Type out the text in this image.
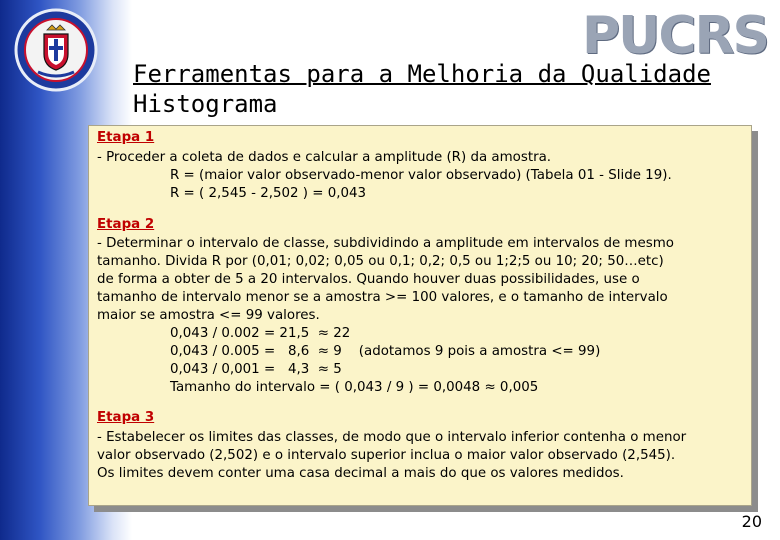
PUCRS
Ferramentas para a Melhoria da Qualidade
Histograma
Etapa 1
- Proceder a coleta de dados e calcular a amplitude (R) da amostra.
R = (maior valor observado-menor valor observado) (Tabela 01 - Slide 19).
R = ( 2,545 - 2,502 ) = 0,043
Etapa 2
- Determinar o intervalo de classe, subdividindo a amplitude em intervalos de mesmo
tamanho. Divida R por (0,01; 0,02; 0,05 ou 0,1; 0,2; 0,5 ou 1;2;5 ou 10; 20; 50…etc)
de forma a obter de 5 a 20 intervalos. Quando houver duas possibilidades, use o
tamanho de intervalo menor se a amostra >= 100 valores, e o tamanho de intervalo
maior se amostra <= 99 valores.
0,043 / 0.002 = 21,5  ≈ 22
0,043 / 0.005 =   8,6  ≈ 9    (adotamos 9 pois a amostra <= 99)
0,043 / 0,001 =   4,3  ≈ 5
Tamanho do intervalo = ( 0,043 / 9 ) = 0,0048 ≈ 0,005
Etapa 3
- Estabelecer os limites das classes, de modo que o intervalo inferior contenha o menor
valor observado (2,502) e o intervalo superior inclua o maior valor observado (2,545).
Os limites devem conter uma casa decimal a mais do que os valores medidos.
20
